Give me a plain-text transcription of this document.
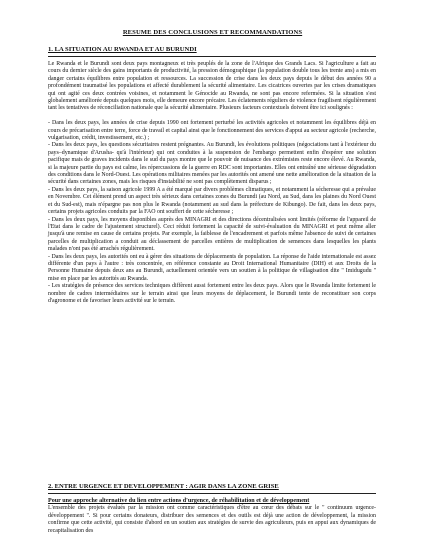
RESUME DES CONCLUSIONS ET RECOMMANDATIONS
1. LA SITUATION AU RWANDA ET AU BURUNDI

Le Rwanda et le Burundi sont deux pays montagneux et très peuplés de la zone de l'Afrique des Grands Lacs. Si l'agriculture a fait au cours du dernier siècle des gains importants de productivité, la pression démographique (la population double tous les trente ans) a mis en danger certains équilibres entre population et ressources. La succession de crise dans les deux pays depuis le début des années 90 a profondément traumatisé les populations et affecté durablement la sécurité alimentaire. Les cicatrices ouvertes par les crises dramatiques qui ont agité ces deux contrées voisines, et notamment le Génocide au Rwanda, ne sont pas encore refermées. Si la situation s'est globalement améliorée depuis quelques mois, elle demeure encore précaire. Les éclatements réguliers de violence fragilisent régulièrement tant les tentatives de réconciliation nationale que la sécurité alimentaire. Plusieurs facteurs contextuels doivent être ici soulignés :

- Dans les deux pays, les années de crise depuis 1990 ont fortement perturbé les activités agricoles et notamment les équilibres déjà en cours de précarisation entre terre, force de travail et capital ainsi que le fonctionnement des services d'appui au secteur agricole (recherche, vulgarisation, crédit, investissement, etc.) ;

- Dans les deux pays, les questions sécuritaires restent prégnantes. Au Burundi, les évolutions politiques (négociations tant à l'extérieur du pays–dynamique d'Arusha- qu'à l'intérieur) qui ont conduites à la suspension de l'embargo permettent enfin d'espérer une solution pacifique mais de graves incidents dans le sud du pays montre que le pouvoir de nuisance des extrémistes reste encore élevé. Au Rwanda, si la majeure partie du pays est calme, les répercussions de la guerre en RDC sont importantes. Elles ont entraîné une sérieuse dégradation des conditions dans le Nord-Ouest. Les opérations militaires menées par les autorités ont amené une nette amélioration de la situation de la sécurité dans certaines zones, mais les risques d'instabilité ne sont pas complètement disparus ;

- Dans les deux pays, la saison agricole 1999 A a été marqué par divers problèmes climatiques, et notamment la sécheresse qui a prévalue en Novembre. Cet élément prend un aspect très sérieux dans certaines zones du Burundi (au Nord, au Sud, dans les plaines du Nord Ouest et du Sud-est), mais n'épargne pas non plus le Rwanda (notamment au sud dans la préfecture de Kibungo). De fait, dans les deux pays, certains projets agricoles conduits par la FAO ont souffert de cette sécheresse ;

- Dans les deux pays, les moyens disponibles auprès des MINAGRI et des directions décentralisées sont limités (réforme de l'appareil de l'Etat dans le cadre de l'ajustement structurel). Ceci réduit fortement la capacité de suivi-évaluation du MINAGRI et peut même aller jusqu'à une remise en cause de certains projets. Par exemple, la faiblesse de l'encadrement et parfois même l'absence de suivi de certaines parcelles de multiplication a conduit au déclassement de parcelles entières de multiplication de semences dans lesquelles les plants malades n'ont pas été arrachés régulièrement.

- Dans les deux pays, les autorités ont eu à gérer des situations de déplacements de population. La réponse de l'aide internationale est assez différente d'un pays à l'autre : très concentrée, en référence constante au Droit International Humanitaire (DIH) et aux Droits de la Personne Humaine depuis deux ans au Burundi, actuellement orientée vers un soutien à la politique de villagisation dite " Imidugudu " mise en place par les autorités au Rwanda.

- Les stratégies de présence des services techniques diffèrent aussi fortement entre les deux pays. Alors que le Rwanda limite fortement le nombre de cadres intermédiaires sur le terrain ainsi que leurs moyens de déplacement, le Burundi tente de reconstituer son corps d'agronome et de favoriser leurs activité sur le terrain.

2. ENTRE URGENCE ET DEVELOPPEMENT : AGIR DANS LA ZONE GRISE
Pour une approche alternative du lien entre actions d'urgence, de réhabilitation et de développement

L'ensemble des projets évalués par la mission ont comme caractéristiques d'être au cœur des débats sur le " continuum urgence-développement ". Si pour certains donateurs, distribuer des semences et des outils est déjà une action de développement, la mission confirme que cette activité, qui consiste d'abord en un soutien aux stratégies de survie des agriculteurs, puis en appui aux dynamiques de recapitalisation des
